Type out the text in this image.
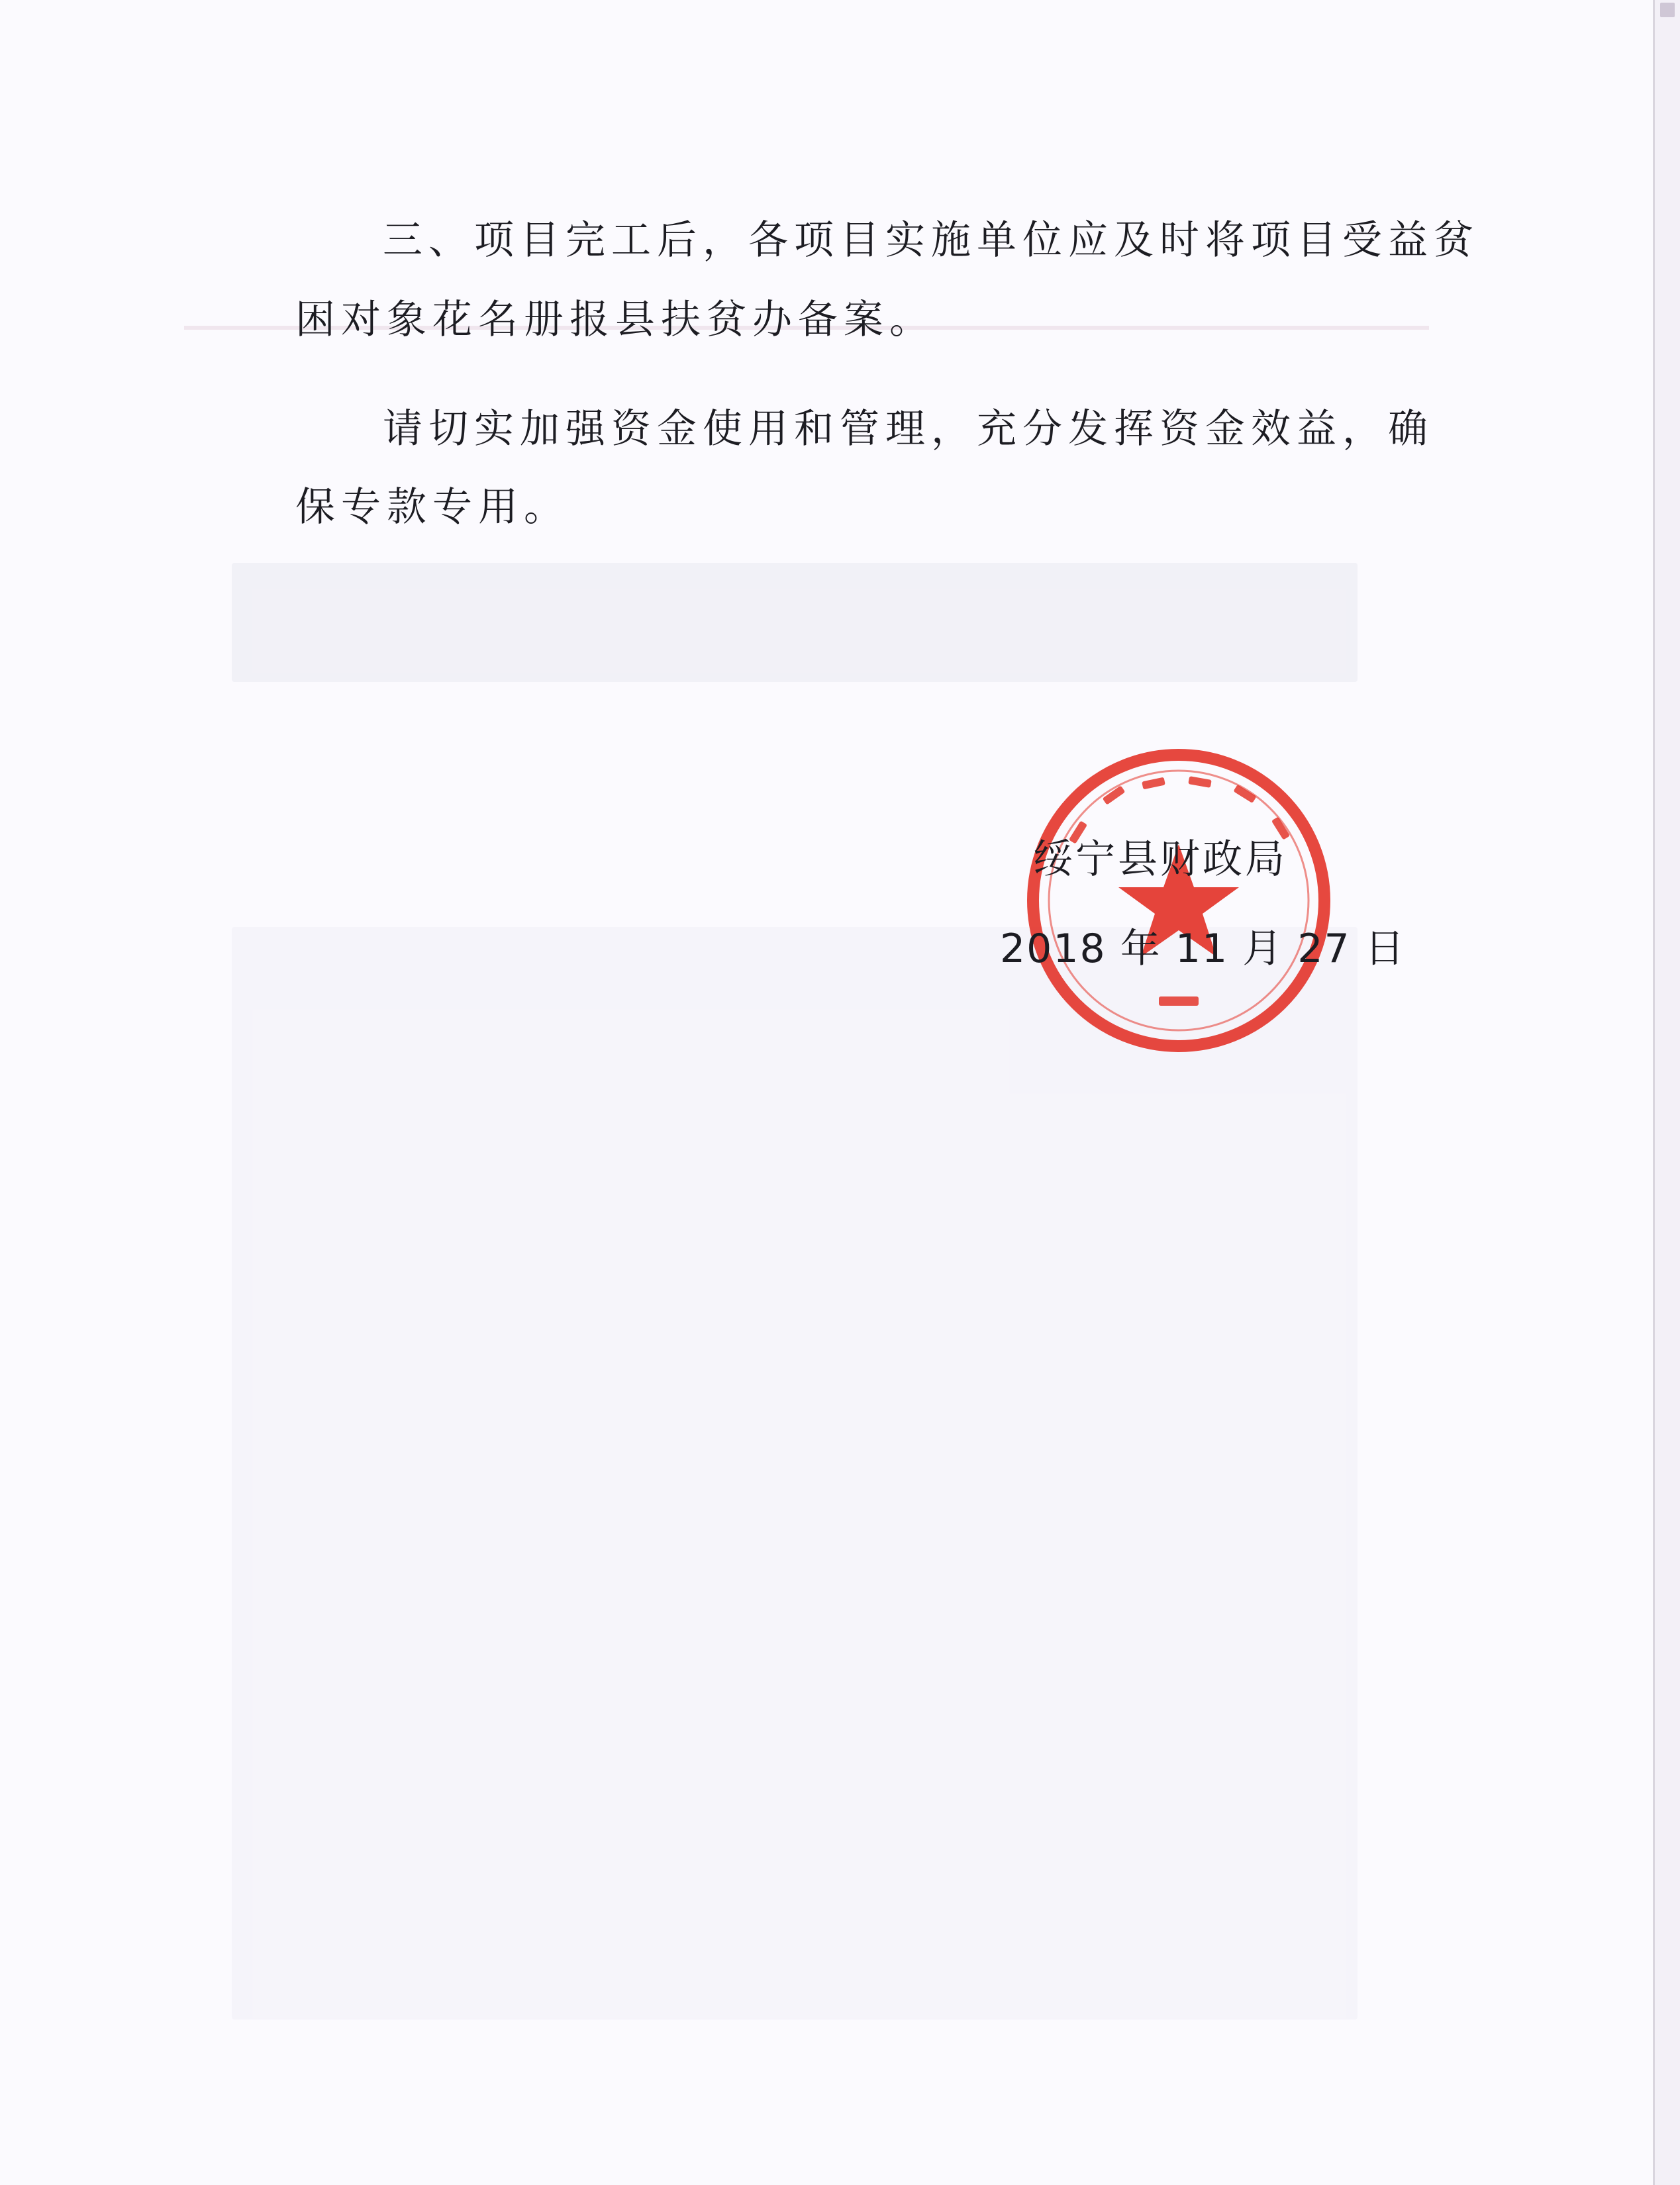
三、项目完工后，各项目实施单位应及时将项目受益贫
困对象花名册报县扶贫办备案。
请切实加强资金使用和管理，充分发挥资金效益，确
保专款专用。
绥宁县财政局
2018 年 11 月 27 日
